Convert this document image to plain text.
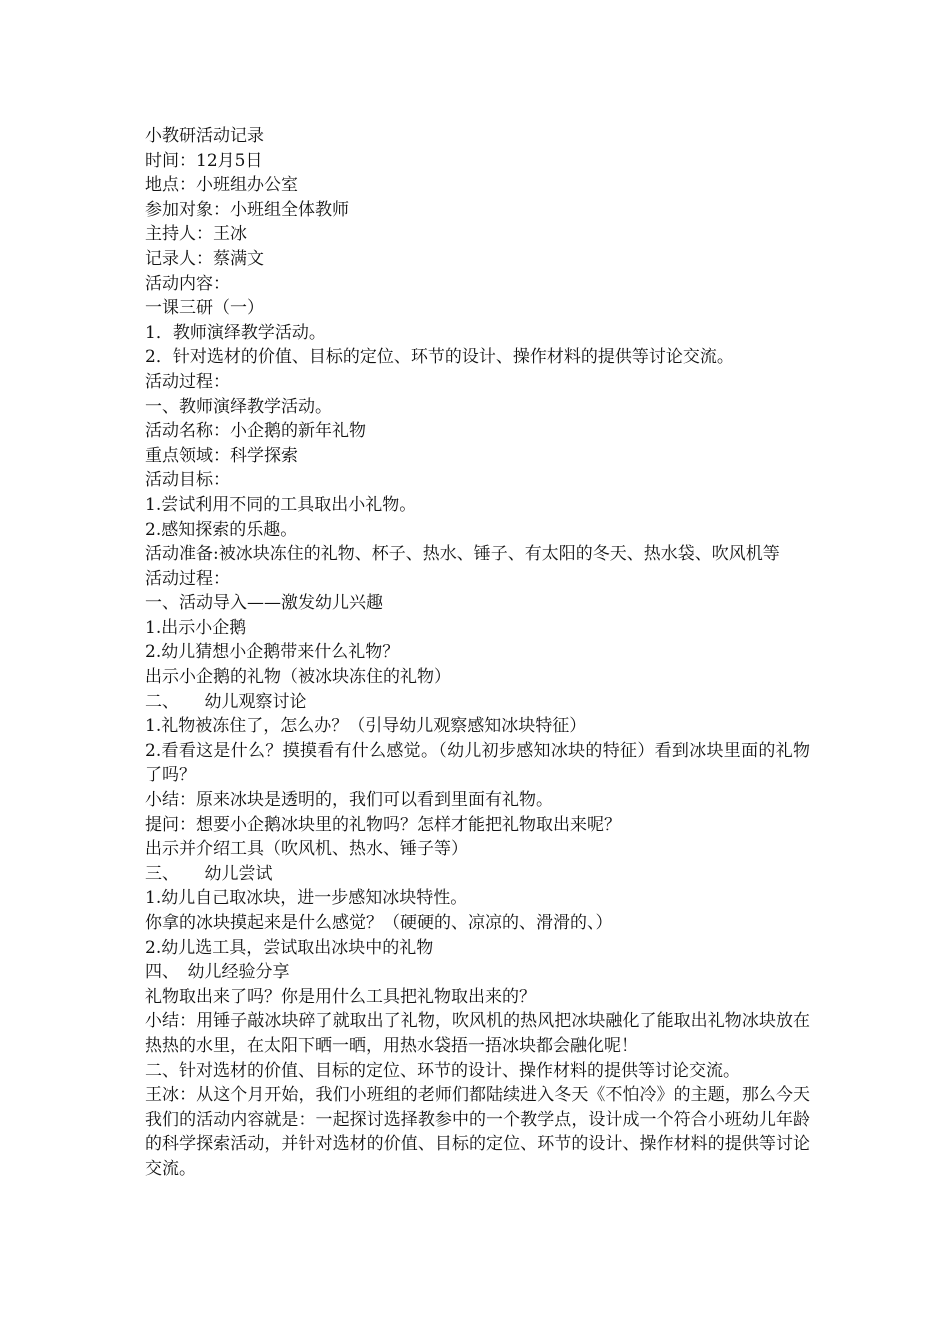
小教研活动记录
时间：12月5日
地点：小班组办公室
参加对象：小班组全体教师
主持人：王冰
记录人：蔡满文
活动内容：
一课三研（一）
1．教师演绎教学活动。
2．针对选材的价值、目标的定位、环节的设计、操作材料的提供等讨论交流。
活动过程：
一、教师演绎教学活动。
活动名称：小企鹅的新年礼物
重点领域：科学探索
活动目标：
1.尝试利用不同的工具取出小礼物。
2.感知探索的乐趣。
活动准备:被冰块冻住的礼物、杯子、热水、锤子、有太阳的冬天、热水袋、吹风机等
活动过程：
一、活动导入——激发幼儿兴趣
1.出示小企鹅
2.幼儿猜想小企鹅带来什么礼物？
出示小企鹅的礼物（被冰块冻住的礼物）
二、　　幼儿观察讨论
1.礼物被冻住了，怎么办？（引导幼儿观察感知冰块特征）
2.看看这是什么？摸摸看有什么感觉。（幼儿初步感知冰块的特征）看到冰块里面的礼物了吗？
小结：原来冰块是透明的，我们可以看到里面有礼物。
提问：想要小企鹅冰块里的礼物吗？怎样才能把礼物取出来呢？
出示并介绍工具（吹风机、热水、锤子等）
三、　　幼儿尝试
1.幼儿自己取冰块，进一步感知冰块特性。
你拿的冰块摸起来是什么感觉？（硬硬的、凉凉的、滑滑的、）
2.幼儿选工具，尝试取出冰块中的礼物
四、　幼儿经验分享
礼物取出来了吗？你是用什么工具把礼物取出来的？
小结：用锤子敲冰块碎了就取出了礼物，吹风机的热风把冰块融化了能取出礼物冰块放在热热的水里，在太阳下晒一晒，用热水袋捂一捂冰块都会融化呢！
二、针对选材的价值、目标的定位、环节的设计、操作材料的提供等讨论交流。
王冰：从这个月开始，我们小班组的老师们都陆续进入冬天《不怕冷》的主题，那么今天我们的活动内容就是：一起探讨选择教参中的一个教学点，设计成一个符合小班幼儿年龄的科学探索活动，并针对选材的价值、目标的定位、环节的设计、操作材料的提供等讨论交流。
